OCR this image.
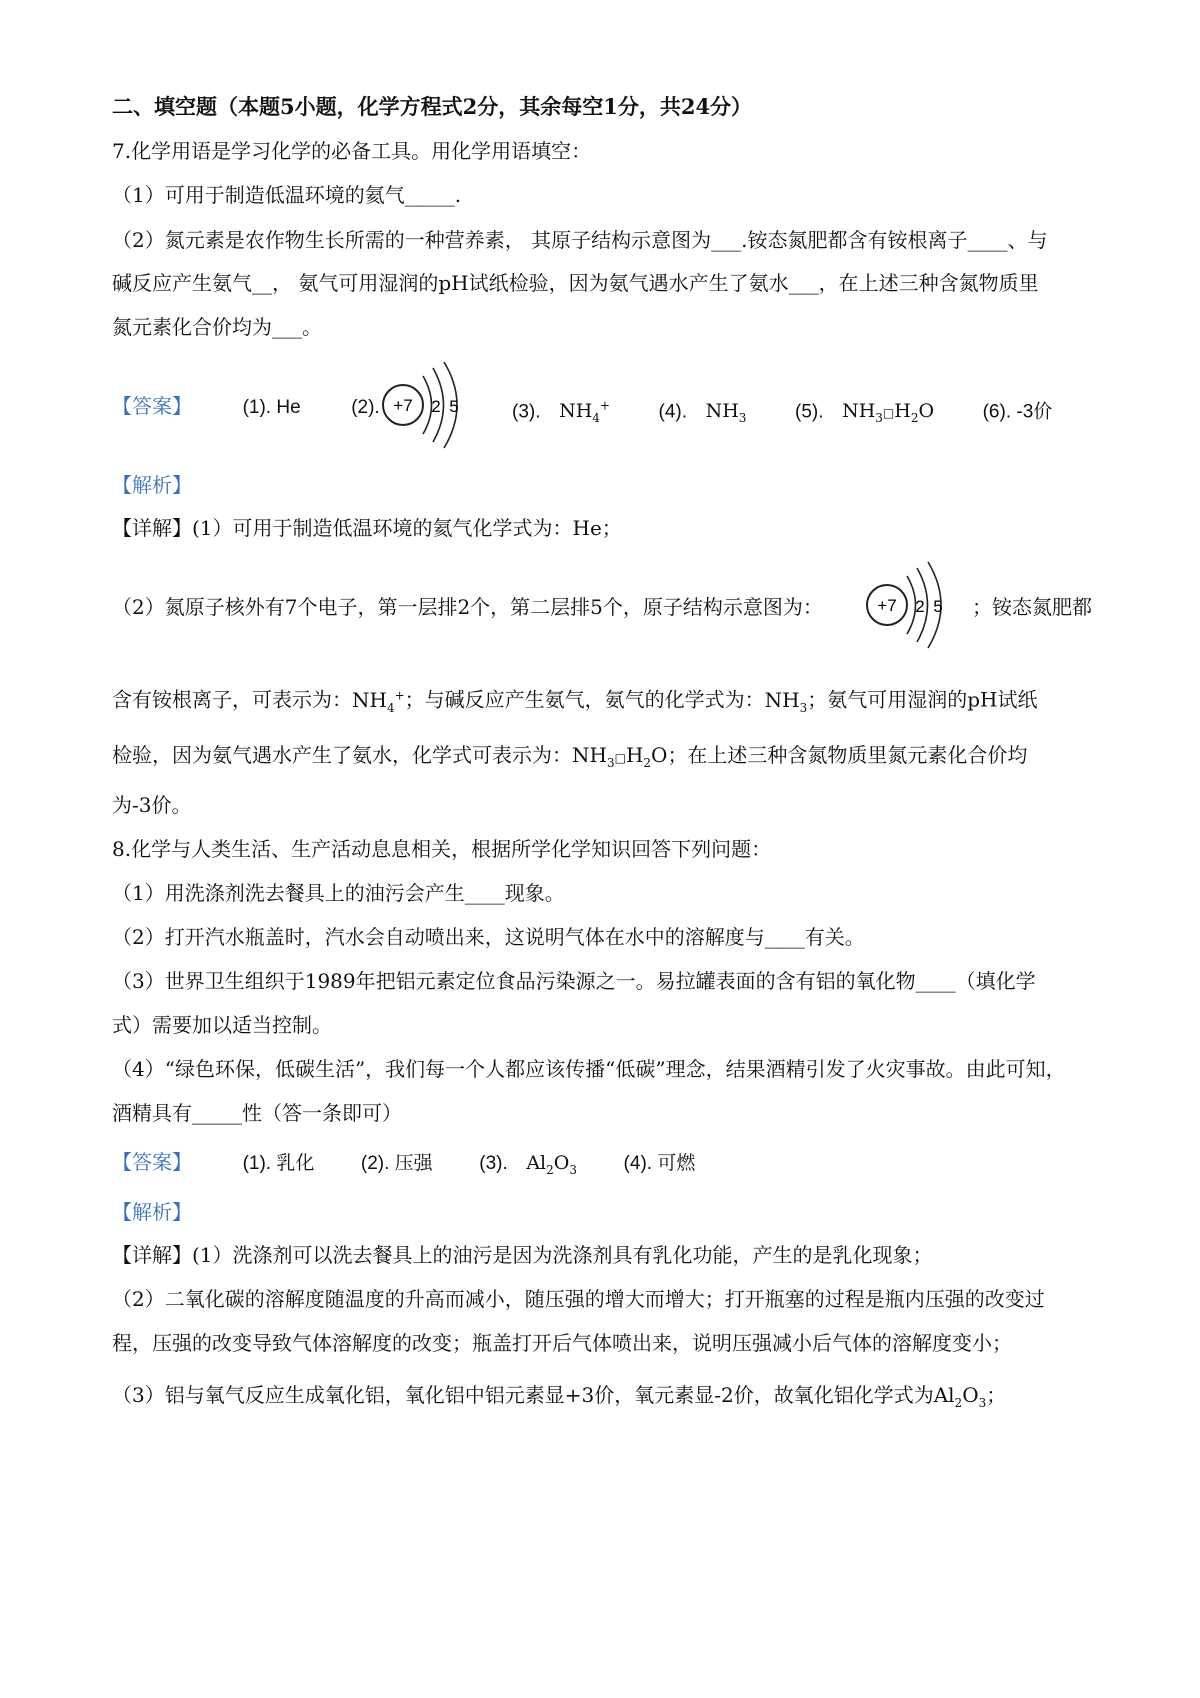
二、填空题（本题5小题，化学方程式2分，其余每空1分，共24分）
7.化学用语是学习化学的必备工具。用化学用语填空：
（1）可用于制造低温环境的氦气_____.
（2）氮元素是农作物生长所需的一种营养素， 其原子结构示意图为___.铵态氮肥都含有铵根离子____、与
碱反应产生氨气__， 氨气可用湿润的pH试纸检验，因为氨气遇水产生了氨水___，在上述三种含氮物质里
氮元素化合价均为___。
【答案】	(1). He	(2). +7 2 5	(3). $NH_4^+$	(4). $NH_3$	(5). $NH_3□H_2O$	(6). -3价
【解析】
【详解】(1）可用于制造低温环境的氦气化学式为：He；
（2）氮原子核外有7个电子，第一层排2个，第二层排5个，原子结构示意图为：	+7 2 5 ；铵态氮肥都
含有铵根离子，可表示为：$NH_4^+$；与碱反应产生氨气，氨气的化学式为：$NH_3$；氨气可用湿润的pH试纸
检验，因为氨气遇水产生了氨水，化学式可表示为：$NH_3□H_2O$；在上述三种含氮物质里氮元素化合价均
为-3价。
8.化学与人类生活、生产活动息息相关，根据所学化学知识回答下列问题：
（1）用洗涤剂洗去餐具上的油污会产生____现象。
（2）打开汽水瓶盖时，汽水会自动喷出来，这说明气体在水中的溶解度与____有关。
（3）世界卫生组织于1989年把铝元素定位食品污染源之一。易拉罐表面的含有铝的氧化物____（填化学
式）需要加以适当控制。
（4）“绿色环保，低碳生活”，我们每一个人都应该传播“低碳”理念，结果酒精引发了火灾事故。由此可知，
酒精具有_____性（答一条即可）
【答案】	(1). 乳化 (2). 压强 (3). $Al_2O_3$ (4). 可燃
【解析】
【详解】(1）洗涤剂可以洗去餐具上的油污是因为洗涤剂具有乳化功能，产生的是乳化现象；
（2）二氧化碳的溶解度随温度的升高而减小，随压强的增大而增大；打开瓶塞的过程是瓶内压强的改变过
程，压强的改变导致气体溶解度的改变；瓶盖打开后气体喷出来，说明压强减小后气体的溶解度变小；
（3）铝与氧气反应生成氧化铝，氧化铝中铝元素显+3价，氧元素显-2价，故氧化铝化学式为$Al_2O_3$；
